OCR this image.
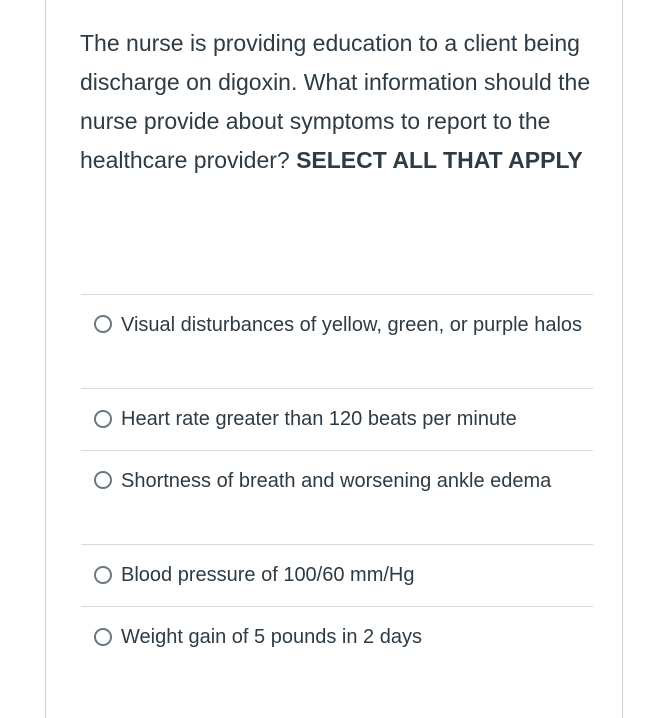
The nurse is providing education to a client being discharge on digoxin. What information should the nurse provide about symptoms to report to the healthcare provider? SELECT ALL THAT APPLY
Visual disturbances of yellow, green, or purple halos
Heart rate greater than 120 beats per minute
Shortness of breath and worsening ankle edema
Blood pressure of 100/60 mm/Hg
Weight gain of 5 pounds in 2 days
